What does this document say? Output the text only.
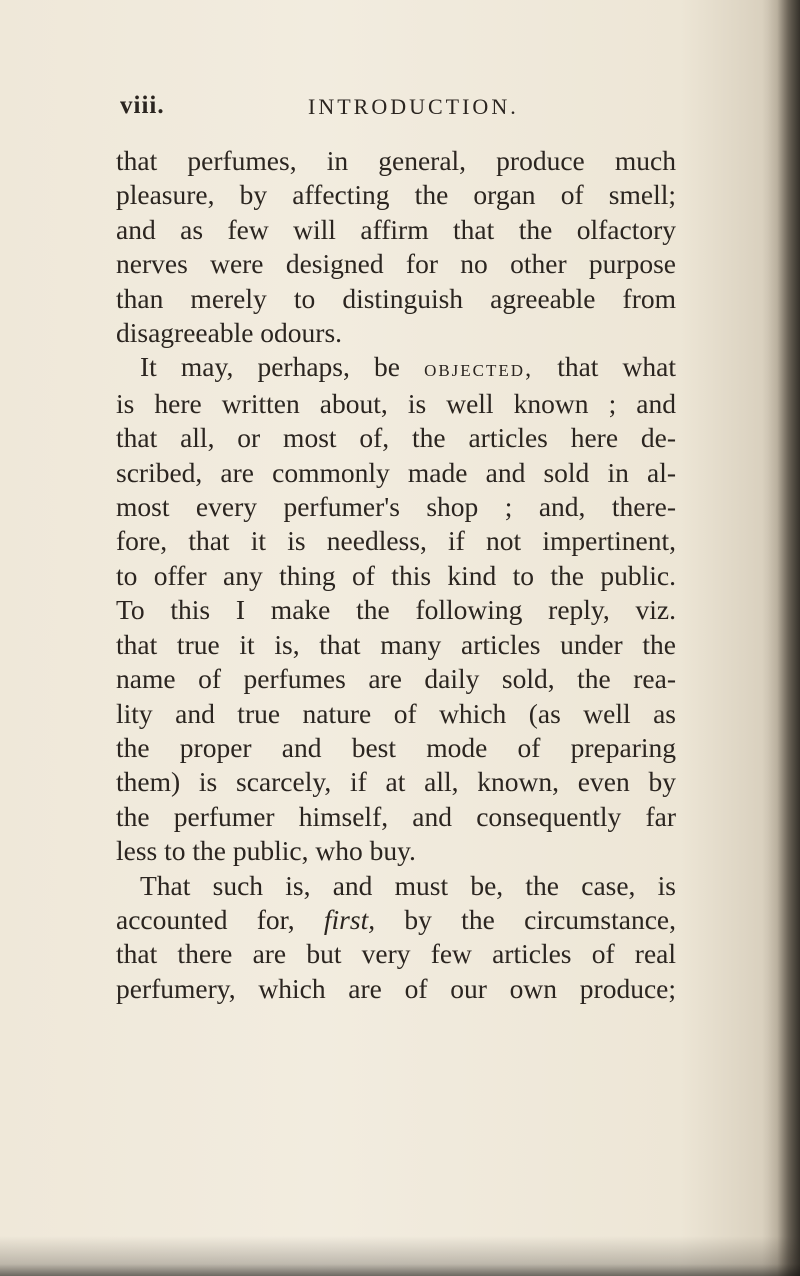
viii.	INTRODUCTION.
that perfumes, in general, produce much
pleasure, by affecting the organ of smell;
and as few will affirm that the olfactory
nerves were designed for no other purpose
than merely to distinguish agreeable from
disagreeable odours.
It may, perhaps, be objected, that what
is here written about, is well known ; and
that all, or most of, the articles here de-
scribed, are commonly made and sold in al-
most every perfumer's shop ; and, there-
fore, that it is needless, if not impertinent,
to offer any thing of this kind to the public.
To this I make the following reply, viz.
that true it is, that many articles under the
name of perfumes are daily sold, the rea-
lity and true nature of which (as well as
the proper and best mode of preparing
them) is scarcely, if at all, known, even by
the perfumer himself, and consequently far
less to the public, who buy.
That such is, and must be, the case, is
accounted for, first, by the circumstance,
that there are but very few articles of real
perfumery, which are of our own produce;
